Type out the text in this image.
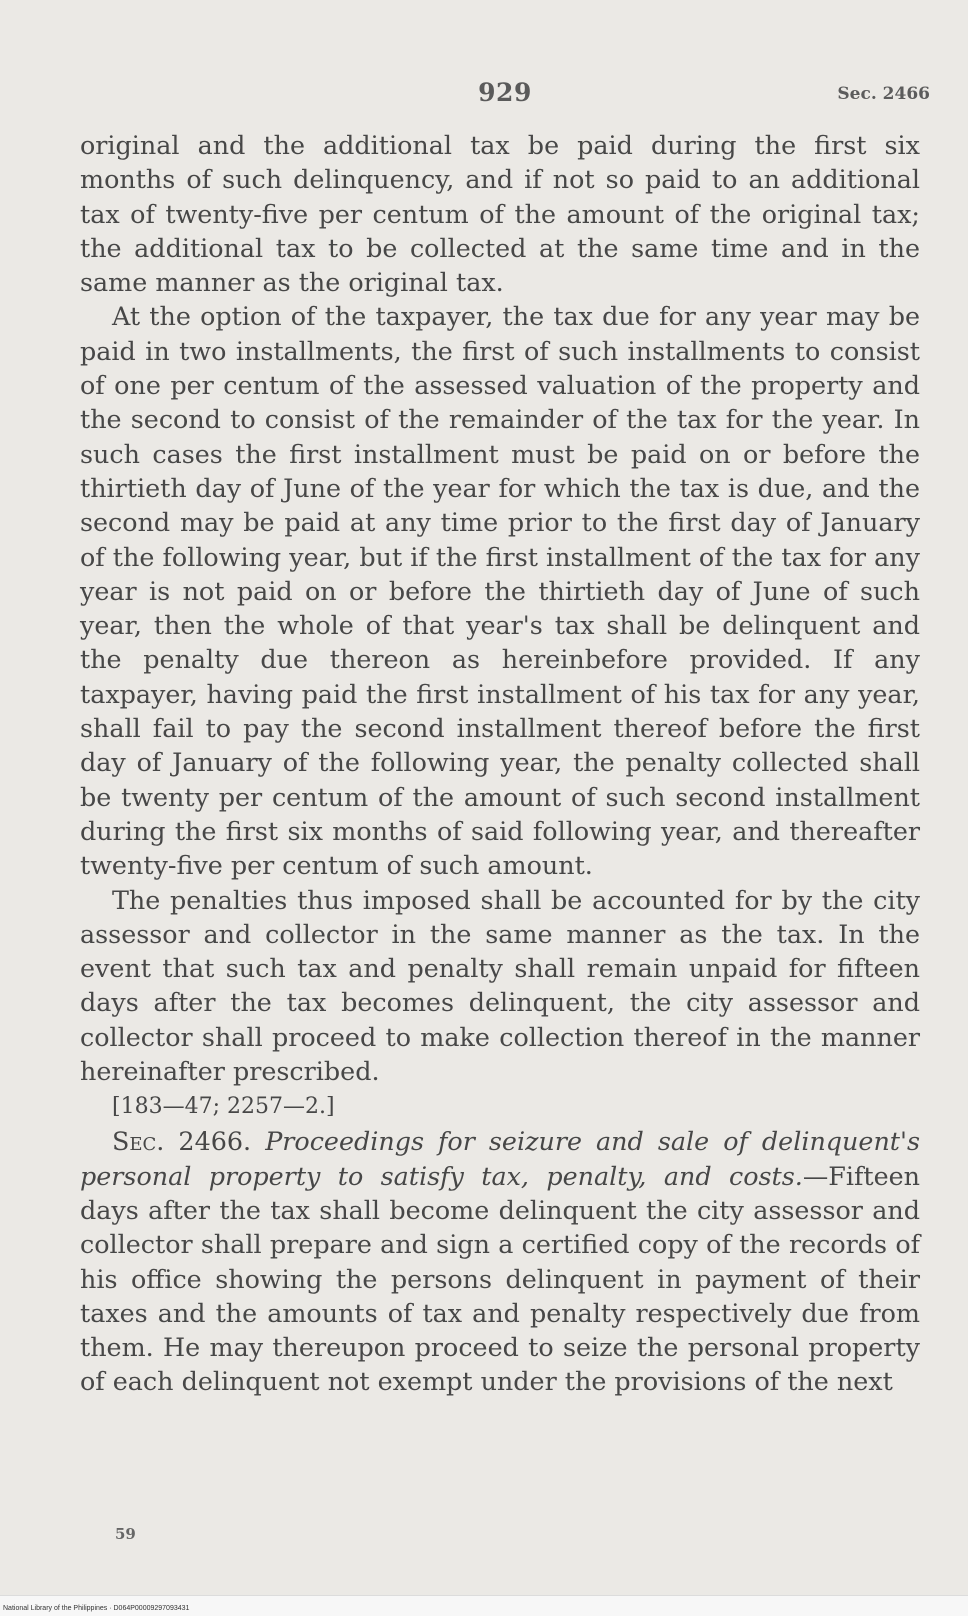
929	Sec. 2466

original and the additional tax be paid during the first six months of such delinquency, and if not so paid to an additional tax of twenty-five per centum of the amount of the original tax; the additional tax to be collected at the same time and in the same manner as the original tax.

At the option of the taxpayer, the tax due for any year may be paid in two installments, the first of such installments to consist of one per centum of the assessed valuation of the property and the second to consist of the remainder of the tax for the year. In such cases the first installment must be paid on or before the thirtieth day of June of the year for which the tax is due, and the second may be paid at any time prior to the first day of January of the following year, but if the first installment of the tax for any year is not paid on or before the thirtieth day of June of such year, then the whole of that year's tax shall be delinquent and the penalty due thereon as hereinbefore provided. If any taxpayer, having paid the first installment of his tax for any year, shall fail to pay the second installment thereof before the first day of January of the following year, the penalty collected shall be twenty per centum of the amount of such second installment during the first six months of said following year, and thereafter twenty-five per centum of such amount.

The penalties thus imposed shall be accounted for by the city assessor and collector in the same manner as the tax. In the event that such tax and penalty shall remain unpaid for fifteen days after the tax becomes delinquent, the city assessor and collector shall proceed to make collection thereof in the manner hereinafter prescribed.

[183—47; 2257—2.]

Sec. 2466. Proceedings for seizure and sale of delinquent's personal property to satisfy tax, penalty, and costs.—Fifteen days after the tax shall become delinquent the city assessor and collector shall prepare and sign a certified copy of the records of his office showing the persons delinquent in payment of their taxes and the amounts of tax and penalty respectively due from them. He may thereupon proceed to seize the personal property of each delinquent not exempt under the provisions of the next

59
National Library of the Philippines · D064P00009297093431
